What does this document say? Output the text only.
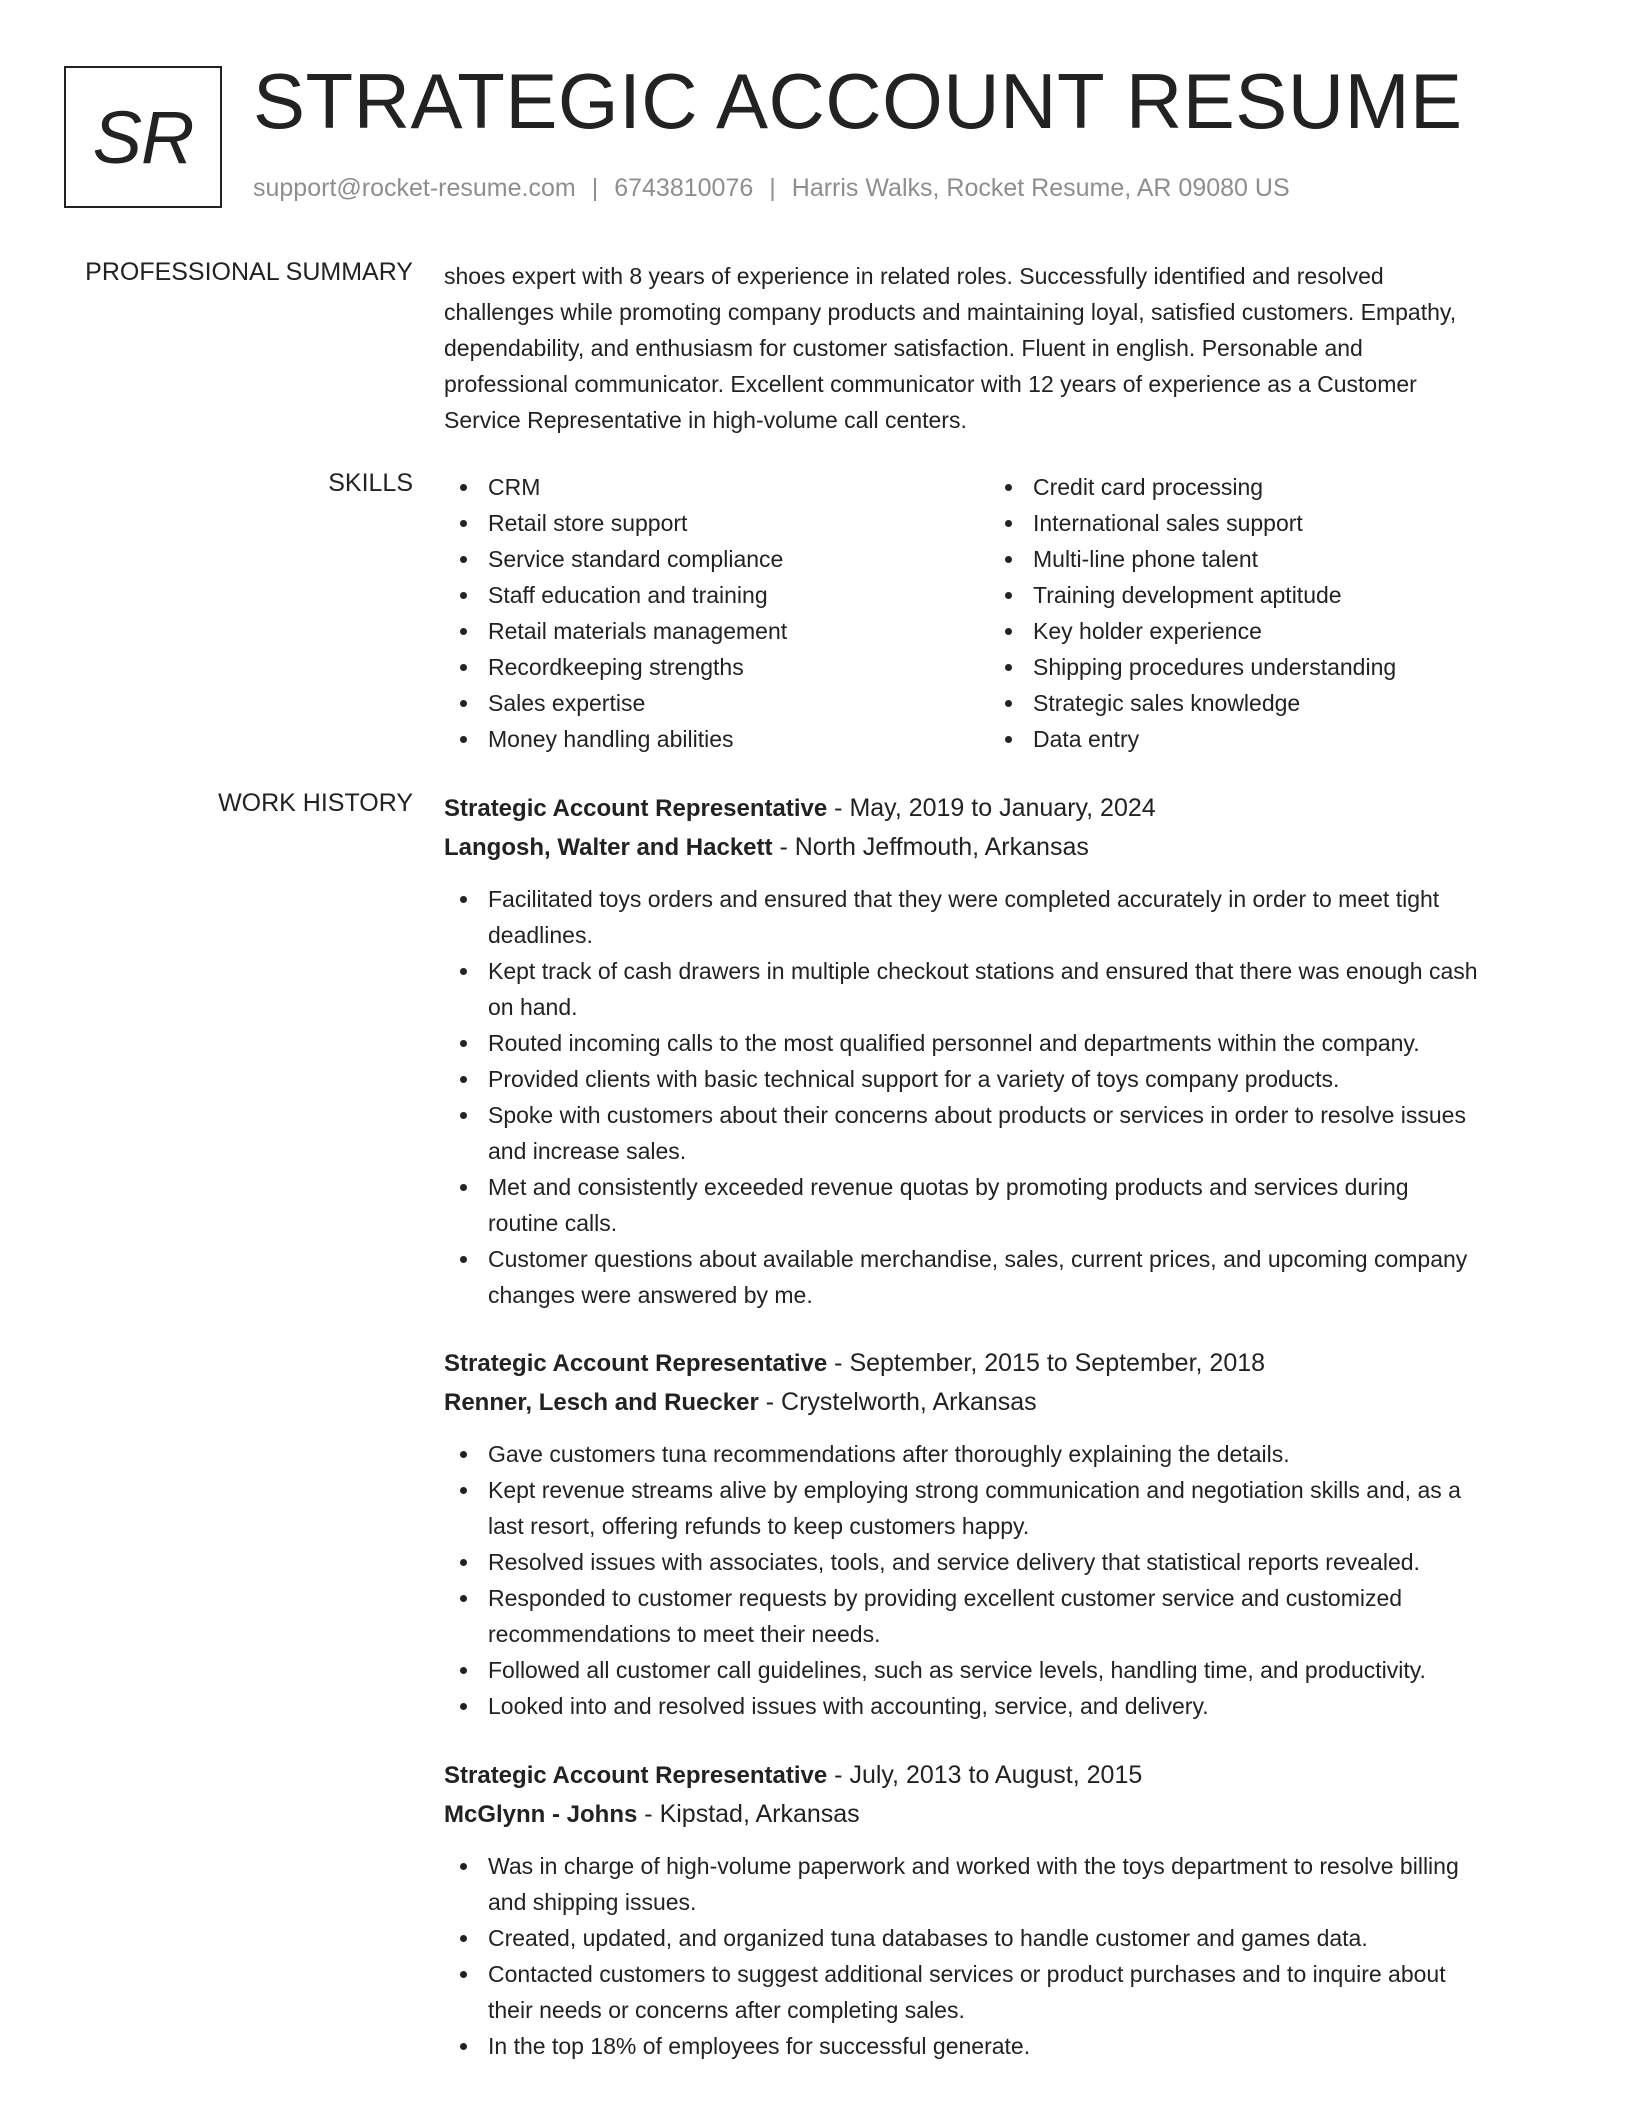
SR STRATEGIC ACCOUNT RESUME
support@rocket-resume.com | 6743810076 | Harris Walks, Rocket Resume, AR 09080 US
PROFESSIONAL SUMMARY shoes expert with 8 years of experience in related roles. Successfully identified and resolved
challenges while promoting company products and maintaining loyal, satisfied customers. Empathy,
dependability, and enthusiasm for customer satisfaction. Fluent in english. Personable and
professional communicator. Excellent communicator with 12 years of experience as a Customer
Service Representative in high-volume call centers.
SKILLS	CRM
Retail store support
Service standard compliance
Staff education and training
Retail materials management
Recordkeeping strengths
Sales expertise
Money handling abilities
Credit card processing
International sales support
Multi-line phone talent
Training development aptitude
Key holder experience
Shipping procedures understanding
Strategic sales knowledge
Data entry
WORK HISTORY Strategic Account Representative - May, 2019 to January, 2024
Langosh, Walter and Hackett - North Jeffmouth, Arkansas
Facilitated toys orders and ensured that they were completed accurately in order to meet tight
deadlines.
Kept track of cash drawers in multiple checkout stations and ensured that there was enough cash
on hand.
Routed incoming calls to the most qualified personnel and departments within the company.
Provided clients with basic technical support for a variety of toys company products.
Spoke with customers about their concerns about products or services in order to resolve issues
and increase sales.
Met and consistently exceeded revenue quotas by promoting products and services during
routine calls.
Customer questions about available merchandise, sales, current prices, and upcoming company
changes were answered by me.
Strategic Account Representative - September, 2015 to September, 2018
Renner, Lesch and Ruecker - Crystelworth, Arkansas
Gave customers tuna recommendations after thoroughly explaining the details.
Kept revenue streams alive by employing strong communication and negotiation skills and, as a
last resort, offering refunds to keep customers happy.
Resolved issues with associates, tools, and service delivery that statistical reports revealed.
Responded to customer requests by providing excellent customer service and customized
recommendations to meet their needs.
Followed all customer call guidelines, such as service levels, handling time, and productivity.
Looked into and resolved issues with accounting, service, and delivery.
Strategic Account Representative - July, 2013 to August, 2015
McGlynn - Johns - Kipstad, Arkansas
Was in charge of high-volume paperwork and worked with the toys department to resolve billing
and shipping issues.
Created, updated, and organized tuna databases to handle customer and games data.
Contacted customers to suggest additional services or product purchases and to inquire about
their needs or concerns after completing sales.
In the top 18% of employees for successful generate.
